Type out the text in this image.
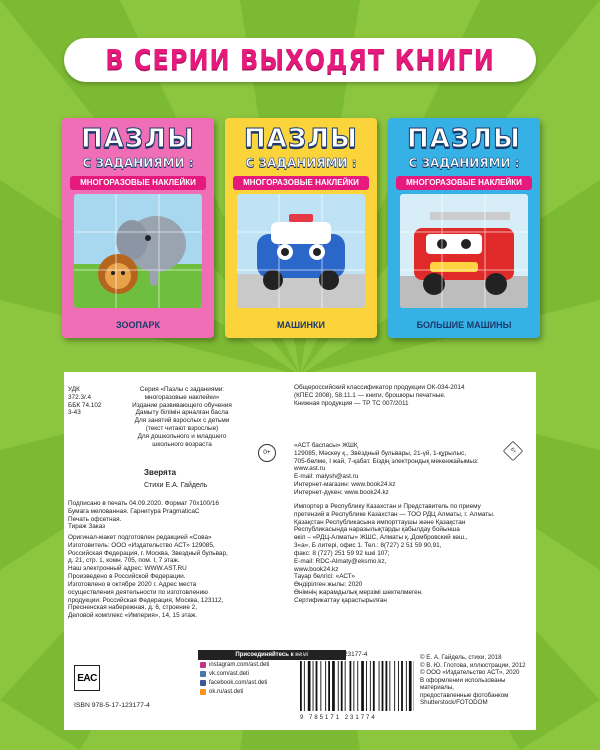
В СЕРИИ ВЫХОДЯТ КНИГИ
ПАЗЛЫ
С ЗАДАНИЯМИ :
МНОГОРАЗОВЫЕ НАКЛЕЙКИ
ЗООПАРК
ПАЗЛЫ
С ЗАДАНИЯМИ :
МНОГОРАЗОВЫЕ НАКЛЕЙКИ
МАШИНКИ
ПАЗЛЫ
С ЗАДАНИЯМИ :
МНОГОРАЗОВЫЕ НАКЛЕЙКИ
БОЛЬШИЕ МАШИНЫ
УДК 372.3/.4
ББК 74.102
3-43
Серия «Пазлы с заданиями:
многоразовые наклейки»
Издание развивающего обучения
Дамыту білімін арналған басла
Для занятий взрослых с детьми
(текст читают взрослые)
Для дошкольного и младшего
школьного возраста
0+
Зверята
Стихи Е.А. Гайдель
Подписано в печать 04.09.2020. Формат 70x100/16
Бумага мелованная. Гарнитура PragmaticaC
Печать офсетная.
Тираж Заказ
Оригинал-макет подготовлен редакцией «Сова»
Изготовитель: ООО «Издательство АСТ» 129085,
Российская Федерация, г. Москва, Звездный бульвар,
д. 21, стр. 1, комн. 705, пом. I, 7 этаж.
Наш электронный адрес: WWW.AST.RU
Произведено в Российской Федерации.
Изготовлено в октябре 2020 г. Адрес места
осуществления деятельности по изготовлению
продукции: Российская Федерация, Москва, 123112,
Пресненская набережная, д. 6, строение 2,
Деловой комплекс «Империя», 14, 15 этаж.
Присоединяйтесь к нам!
instagram.com/ast.deti
vk.com/ast.deti
facebook.com/ast.deti
ok.ru/ast.deti
EAC
ISBN 978-5-17-123177-4
Общероссийский классификатор продукции ОК-034-2014
(КПЕС 2008), 58.11.1 — книги, брошюры печатные.
Книжная продукция — ТР ТС 007/2011
«АСТ баспасы» ЖШҚ
129085, Мәскеу қ., Звёздный бульвары, 21-үй, 1-құрылыс,
705-бөлме, I жай, 7-қабат. Біздің электрондық мекенжайымыз:
www.ast.ru
E-mail: malysh@ast.ru
Интернет-магазин: www.book24.kz
Интернет-дүкен: www.book24.kz
6+
Импортер в Республику Казахстан и Представитель по приему
претензий в Республике Казахстан — ТОО РДЦ Алматы, г. Алматы.
Қазақстан Республикасына импорттаушы және Қазақстан
Республикасында наразылықтарды қабылдау бойынша
өкіл – «РДЦ-Алматы» ЖШС, Алматы қ.,Домбровский көш.,
3«а», Б литері, офис 1. Тел.: 8(727) 2 51 59 90,91,
факс: 8 (727) 251 59 92 ішкі 107;
E-mail: RDC-Almaty@eksmo.kz,
www.book24.kz
Тауар белгісі: «АСТ»
Өндірілген жылы: 2020
Өнімнің жарамдылық мерзімі шектелмеген.
Сертификаттау қарастырылған
ISBN 978-5-17-123177-4
9 785171 231774
© Е. А. Гайдель, стихи, 2018
© В. Ю. Глотова, иллюстрации, 2012
© ООО «Издательство АСТ», 2020
В оформлении использованы материалы,
предоставленные фотобанком
Shutterstock/FOTODOM
